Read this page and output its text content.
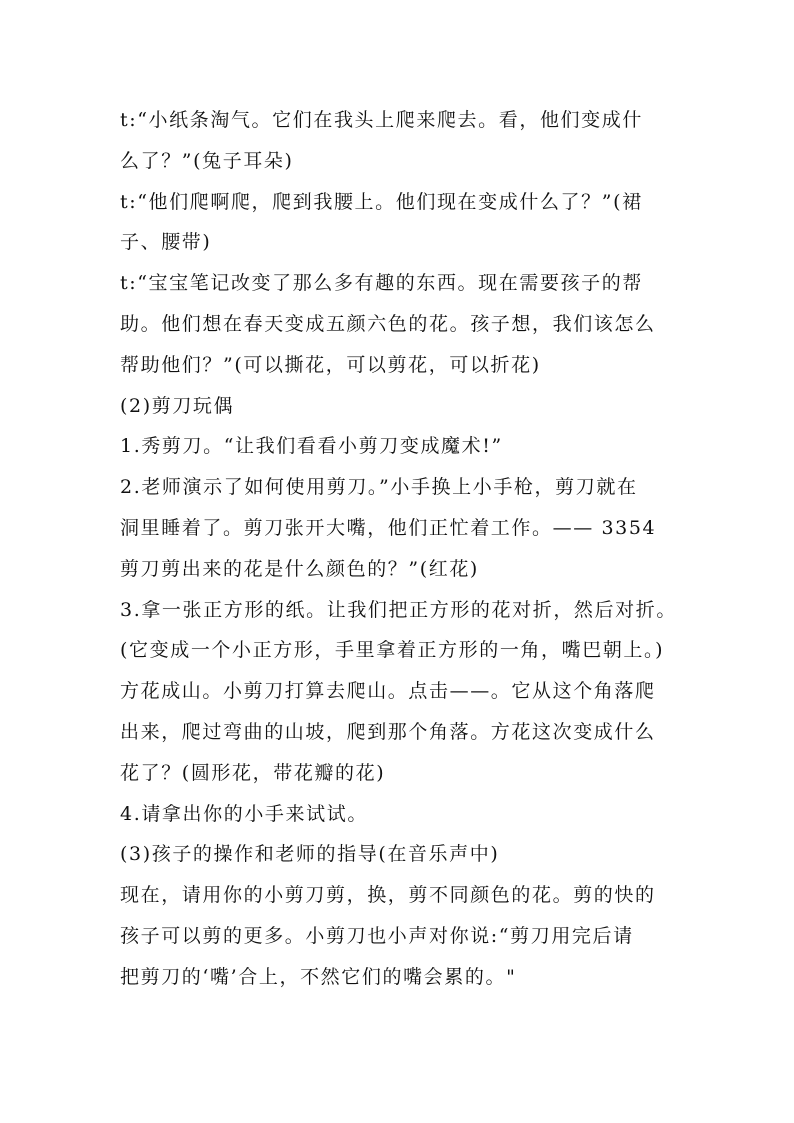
t:“小纸条淘气。它们在我头上爬来爬去。看，他们变成什
么了？”(兔子耳朵)
t:“他们爬啊爬，爬到我腰上。他们现在变成什么了？”(裙
子、腰带)
t:“宝宝笔记改变了那么多有趣的东西。现在需要孩子的帮
助。他们想在春天变成五颜六色的花。孩子想，我们该怎么
帮助他们？”(可以撕花，可以剪花，可以折花)
(2)剪刀玩偶
1.秀剪刀。“让我们看看小剪刀变成魔术!”
2.老师演示了如何使用剪刀。”小手换上小手枪，剪刀就在
洞里睡着了。剪刀张开大嘴，他们正忙着工作。—— 3354
剪刀剪出来的花是什么颜色的？”(红花)
3.拿一张正方形的纸。让我们把正方形的花对折，然后对折。
(它变成一个小正方形，手里拿着正方形的一角，嘴巴朝上。)
方花成山。小剪刀打算去爬山。点击——。它从这个角落爬
出来，爬过弯曲的山坡，爬到那个角落。方花这次变成什么
花了？(圆形花，带花瓣的花)
4.请拿出你的小手来试试。
(3)孩子的操作和老师的指导(在音乐声中)
现在，请用你的小剪刀剪，换，剪不同颜色的花。剪的快的
孩子可以剪的更多。小剪刀也小声对你说:“剪刀用完后请
把剪刀的‘嘴’合上，不然它们的嘴会累的。"
